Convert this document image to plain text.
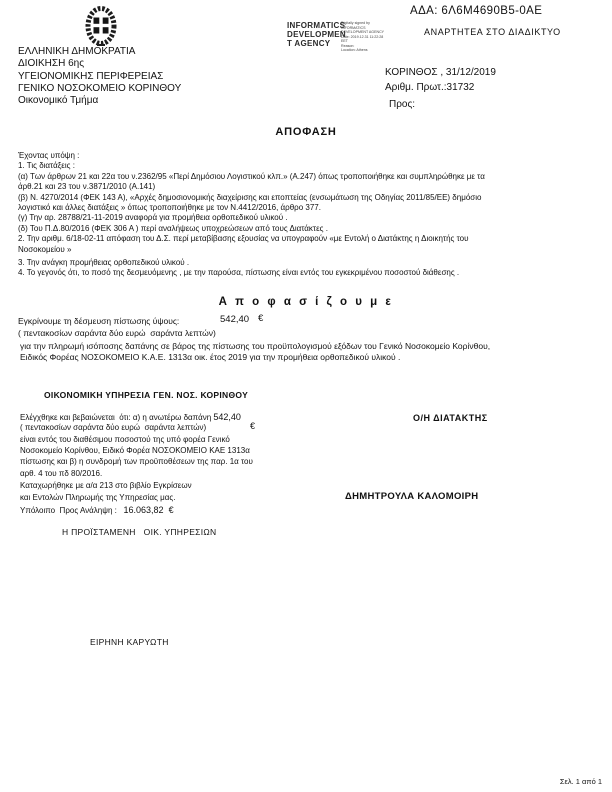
ΕΛΛΗΝΙΚΗ ΔΗΜΟΚΡΑΤΙΑ
ΔΙΟΙΚΗΣΗ 6ης
ΥΓΕΙΟΝΟΜΙΚΗΣ ΠΕΡΙΦΕΡΕΙΑΣ
ΓΕΝΙΚΟ ΝΟΣΟΚΟΜΕΙΟ ΚΟΡΙΝΘΟΥ
Οικονομικό Τμήμα
ΑΔΑ: 6Λ6Μ4690Β5-0ΑΕ
INFORMATICS
DEVELOPMEN
T AGENCY
Digitally signed by
INFORMATICS
DEVELOPMENT AGENCY
Date: 2019.12.31 11:22:28
EET
Reason:
Location: Athens
ΑΝΑΡΤΗΤΕΑ ΣΤΟ ΔΙΑΔΙΚΤΥΟ
ΚΟΡΙΝΘΟΣ , 31/12/2019
Αριθμ. Πρωτ.:31732
Προς:
ΑΠΟΦΑΣΗ
Έχοντας υπόψη :
1. Τις διατάξεις :
(α) Των άρθρων 21 και 22α του ν.2362/95 «Περί Δημόσιου Λογιστικού κλπ.» (Α.247) όπως τροποποιήθηκε και συμπληρώθηκε με τα
άρθ.21 και 23 του ν.3871/2010 (Α.141)
(β) Ν. 4270/2014 (ΦΕΚ 143 Α), «Αρχές δημοσιονομικής διαχείρισης και εποπτείας (ενσωμάτωση της Οδηγίας 2011/85/ΕΕ) δημόσιο
λογιστικό και άλλες διατάξεις » όπως τροποποιήθηκε με τον Ν.4412/2016, άρθρο 377.
(γ) Την αρ. 28788/21-11-2019 αναφορά για προμήθεια ορθοπεδικού υλικού .
(δ) Του Π.Δ.80/2016 (ΦΕΚ 306 Α ) περί αναλήψεως υποχρεώσεων από τους Διατάκτες .
2. Την αριθμ. 6/18-02-11 απόφαση του Δ.Σ. περί μεταβίβασης εξουσίας να υπογραφούν «με Εντολή ο Διατάκτης η Διοικητής του
Νοσοκομείου »
3. Την ανάγκη προμήθειας ορθοπεδικού υλικού .
4. Το γεγονός ότι, το ποσό της δεσμευόμενης , με την παρούσα, πίστωσης είναι εντός του εγκεκριμένου ποσοστού διάθεσης .
Α π ο φ α σ ί ζ ο υ μ ε
Εγκρίνουμε τη δέσμευση πίστωσης ύψους:	542,40 €
( πεντακοσίων σαράντα δύο ευρώ  σαράντα λεπτών)
για την πληρωμή ισόποσης δαπάνης σε βάρος της πίστωσης του προϋπολογισμού εξόδων του Γενικό Νοσοκομείο Κορίνθου,
Ειδικός Φορέας ΝΟΣΟΚΟΜΕΙΟ Κ.Α.Ε. 1313α οικ. έτος 2019 για την προμήθεια ορθοπεδικού υλικού .
ΟΙΚΟΝΟΜΙΚΗ ΥΠΗΡΕΣΙΑ ΓΕΝ. ΝΟΣ. ΚΟΡΙΝΘΟΥ
Ελέγχθηκε και βεβαιώνεται  ότι: α) η ανωτέρω δαπάνη 542,40
( πεντακοσίων σαράντα δύο ευρώ  σαράντα λεπτών)	€
είναι εντός του διαθέσιμου ποσοστού της υπό φορέα Γενικό
Νοσοκομείο Κορίνθου, Ειδικό Φορέα ΝΟΣΟΚΟΜΕΙΟ ΚΑΕ 1313α
πίστωσης και β) η συνδρομή των προϋποθέσεων της παρ. 1α του
αρθ. 4 του πδ 80/2016.
Καταχωρήθηκε με α/α 213 στο βιβλίο Εγκρίσεων
και Εντολών Πληρωμής της Υπηρεσίας μας.
Υπόλοιπο  Προς Ανάληψη :   16.063,82  €
Ο/Η ΔΙΑΤΑΚΤΗΣ
ΔΗΜΗΤΡΟΥΛΑ ΚΑΛΟΜΟΙΡΗ
Η ΠΡΟΪΣΤΑΜΕΝΗ   ΟΙΚ. ΥΠΗΡΕΣΙΩΝ
ΕΙΡΗΝΗ ΚΑΡΥΩΤΗ
Σελ. 1 από 1
